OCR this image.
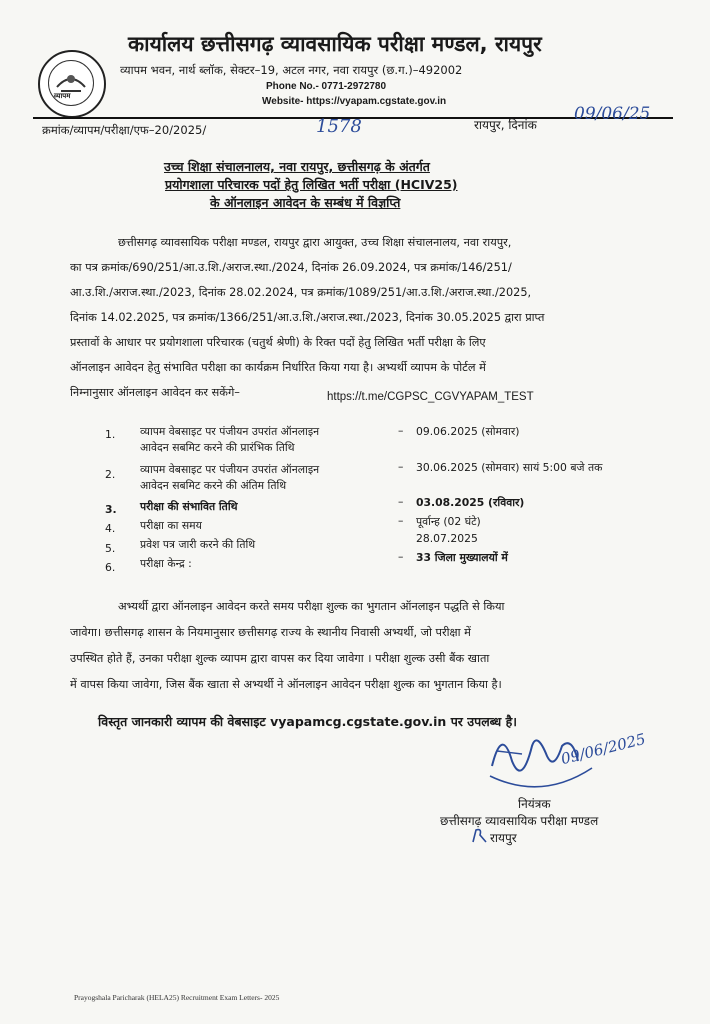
व्यापम
कार्यालय छत्तीसगढ़ व्यावसायिक परीक्षा मण्डल, रायपुर
व्यापम भवन, नार्थ ब्लॉक, सेक्टर–19, अटल नगर, नवा रायपुर (छ.ग.)–492002
Phone No.- 0771-2972780
Website- https://vyapam.cgstate.gov.in
क्रमांक/व्यापम/परीक्षा/एफ–20/2025/	1578	रायपुर, दिनांक
09/06/25
उच्च शिक्षा संचालनालय, नवा रायपुर, छत्तीसगढ़ के अंतर्गत
प्रयोगशाला परिचारक पदों हेतु लिखित भर्ती परीक्षा (HCIV25)
के ऑनलाइन आवेदन के सम्बंध में विज्ञप्ति
छत्तीसगढ़ व्यावसायिक परीक्षा मण्डल, रायपुर द्वारा आयुक्त, उच्च शिक्षा संचालनालय, नवा रायपुर,
का पत्र क्रमांक/690/251/आ.उ.शि./अराज.स्था./2024, दिनांक 26.09.2024, पत्र क्रमांक/146/251/
आ.उ.शि./अराज.स्था./2023, दिनांक 28.02.2024, पत्र क्रमांक/1089/251/आ.उ.शि./अराज.स्था./2025,
दिनांक 14.02.2025, पत्र क्रमांक/1366/251/आ.उ.शि./अराज.स्था./2023, दिनांक 30.05.2025 द्वारा प्राप्त
प्रस्तावों के आधार पर प्रयोगशाला परिचारक (चतुर्थ श्रेणी) के रिक्त पदों हेतु लिखित भर्ती परीक्षा के लिए
ऑनलाइन आवेदन हेतु संभावित परीक्षा का कार्यक्रम निर्धारित किया गया है। अभ्यर्थी व्यापम के पोर्टल में
निम्नानुसार ऑनलाइन आवेदन कर सकेंगे–	https://t.me/CGPSC_CGVYAPAM_TEST
1. व्यापम वेबसाइट पर पंजीयन उपरांत ऑनलाइन
आवेदन सबमिट करने की प्रारंभिक तिथि
– 09.06.2025 (सोमवार)
2. व्यापम वेबसाइट पर पंजीयन उपरांत ऑनलाइन
आवेदन सबमिट करने की अंतिम तिथि
– 30.06.2025 (सोमवार) सायं 5:00 बजे तक
3. परीक्षा की संभावित तिथि	– 03.08.2025 (रविवार)
4. परीक्षा का समय	– पूर्वान्ह (02 घंटे)
5. प्रवेश पत्र जारी करने की तिथि	28.07.2025
6. परीक्षा केन्द्र :
– 33 जिला मुख्यालयों में
अभ्यर्थी द्वारा ऑनलाइन आवेदन करते समय परीक्षा शुल्क का भुगतान ऑनलाइन पद्धति से किया
जावेगा। छत्तीसगढ़ शासन के नियमानुसार छत्तीसगढ़ राज्य के स्थानीय निवासी अभ्यर्थी, जो परीक्षा में
उपस्थित होते हैं, उनका परीक्षा शुल्क व्यापम द्वारा वापस कर दिया जावेगा । परीक्षा शुल्क उसी बैंक खाता
में वापस किया जावेगा, जिस बैंक खाता से अभ्यर्थी ने ऑनलाइन आवेदन परीक्षा शुल्क का भुगतान किया है।
विस्तृत जानकारी व्यापम की वेबसाइट vyapamcg.cgstate.gov.in पर उपलब्ध है।
09/06/2025
नियंत्रक
छत्तीसगढ़ व्यावसायिक परीक्षा मण्डल
रायपुर
Prayogshala Paricharak (HELA25) Recruitment Exam Letters- 2025
